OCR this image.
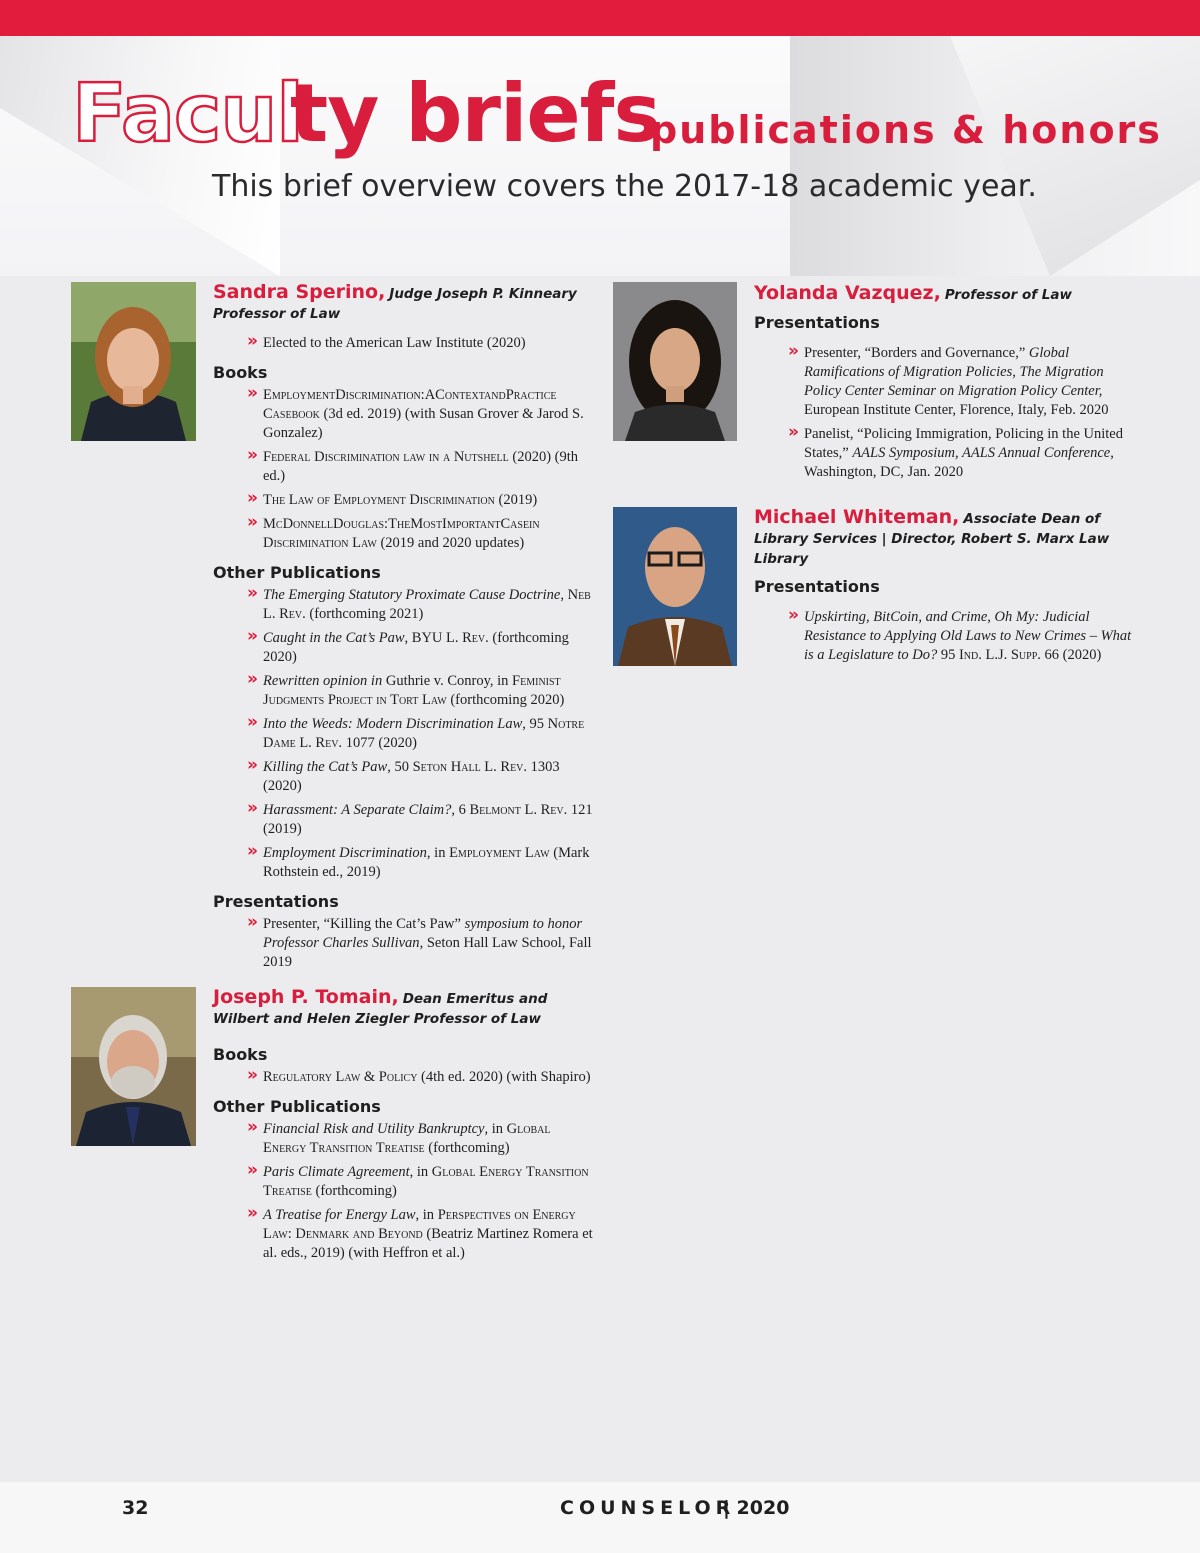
Facul
ty briefs
publications & honors
This brief overview covers the 2017-18 academic year.

Sandra Sperino, Judge Joseph P. Kinneary Professor of Law

» Elected to the American Law Institute (2020)
Books
» EmploymentDiscrimination:AContextandPractice Casebook (3d ed. 2019) (with Susan Grover & Jarod S. Gonzalez)
» Federal Discrimination law in a Nutshell (2020) (9th ed.)
» The Law of Employment Discrimination (2019)
» McDonnellDouglas:TheMostImportantCasein Discrimination Law (2019 and 2020 updates)
Other Publications
» The Emerging Statutory Proximate Cause Doctrine, Neb L. Rev. (forthcoming 2021)
» Caught in the Cat’s Paw, BYU L. Rev. (forthcoming 2020)
» Rewritten opinion in Guthrie v. Conroy, in Feminist Judgments Project in Tort Law (forthcoming 2020)
» Into the Weeds: Modern Discrimination Law, 95 Notre Dame L. Rev. 1077 (2020)
» Killing the Cat’s Paw, 50 Seton Hall L. Rev. 1303 (2020)
» Harassment: A Separate Claim?, 6 Belmont L. Rev. 121 (2019)
» Employment Discrimination, in Employment Law (Mark Rothstein ed., 2019)
Presentations
» Presenter, “Killing the Cat’s Paw” symposium to honor Professor Charles Sullivan, Seton Hall Law School, Fall 2019

Joseph P. Tomain, Dean Emeritus and Wilbert and Helen Ziegler Professor of Law

Books
» Regulatory Law & Policy (4th ed. 2020) (with Shapiro)
Other Publications
» Financial Risk and Utility Bankruptcy, in Global Energy Transition Treatise (forthcoming)
» Paris Climate Agreement, in Global Energy Transition Treatise (forthcoming)
» A Treatise for Energy Law, in Perspectives on Energy Law: Denmark and Beyond (Beatriz Martinez Romera et al. eds., 2019) (with Heffron et al.)

Yolanda Vazquez, Professor of Law

Presentations
» Presenter, “Borders and Governance,” Global Ramifications of Migration Policies, The Migration Policy Center Seminar on Migration Policy Center, European Institute Center, Florence, Italy, Feb. 2020
» Panelist, “Policing Immigration, Policing in the United States,” AALS Symposium, AALS Annual Conference, Washington, DC, Jan. 2020

Michael Whiteman, Associate Dean of Library Services | Director, Robert S. Marx Law Library

Presentations
» Upskirting, BitCoin, and Crime, Oh My: Judicial Resistance to Applying Old Laws to New Crimes – What is a Legislature to Do? 95 Ind. L.J. Supp. 66 (2020)
32	COUNSELOR
| 2020
